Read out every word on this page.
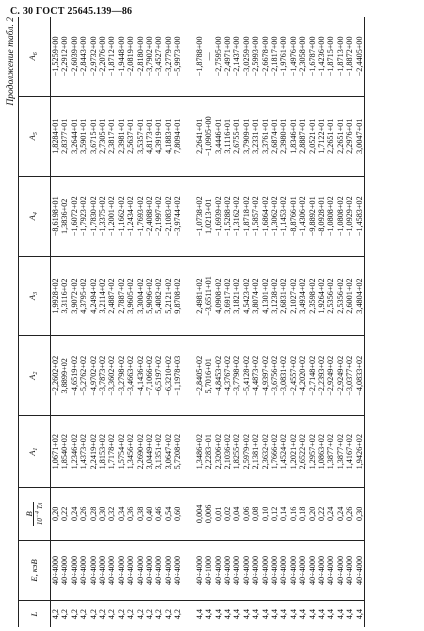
С. 30 ГОСТ 25645.139—86
Продолжение табл. 2
L	E, кэВ	B
10−4 Тл	$A_1$	$A_2$	$A_3$	$A_4$	$A_5$	$A_6$
4,2	40÷4000	0,20	1,0671+02	−2,2602+02	1,9928+02	−8,6198+01	1,8284+01	−1,5259+00
4,2	40÷4000	0,22	1,8540+02	3,8899+02	3,3116+02	1,3836+02	2,8377+01	−2,2912+00
4,2	40÷4000	0,24	1,2346+02	−4,6519+02	3,9072+02	−1,6072+02	3,2644+01	−2,6039+00
4,2	40÷4000	0,26	1,4373+02	−5,2762+02	4,3795+02	−1,7923+02	3,5901+01	−2,8443+00
4,2	40÷4000	0,28	2,2419+02	−4,9702+02	4,2494+02	−1,7830+02	3,6715+01	−2,9732+00
4,2	40÷4000	0,30	1,8153+02	−3,7873+02	3,2114+02	−1,3375+02	2,7305+01	−2,2076+00
4,2	40÷4000	0,32	1,7178+02	−3,3602+02	2,4887+02	−1,2001+02	2,3817+01	−1,8712+00
4,2	40÷4000	0,34	1,5754+02	−3,2798+02	2,7887+02	−1,1662+02	2,3981+01	−1,9448+00
4,2	40÷4000	0,36	1,3456+02	−3,4663+02	3,9605+02	−1,2434+02	2,5637+01	−2,0819+00
4,2	40÷4000	0,38	2,2690+02	−4,1436+02	3,3004+02	−1,7693+02	3,5357+01	−2,8180+00
4,2	40÷4000	0,40	3,0449+02	−7,1066+02	5,9096+02	−2,4088+02	4,8173+01	−3,7902+00
4,2	40÷4000	0,46	3,1351+02	−6,5197+02	5,4082+02	−2,1997+02	4,3919+01	−3,4527+00
4,2	40÷4000	0,54	3,0647+02	−6,3210+02	5,2121+02	−2,1083+02	4,1883+01	−3,2779+00
4,2	40÷4000	0,60	5,7208+02	−1,1978+03	9,8708+02	−3,9744+02	7,8094+01	−5,9973+00

4,4	40÷4000	0,004	1,3486+02	−2,8405+02	2,4981+02	−1,0738+02	2,2641+01	−1,8788+00
4,4	40÷1000	0,006	2,2283−01	5,7016+01	−3,6511+01	1,0213+01	−1,0905+00	—
4,4	40÷4000	0,01	2,3206+02	−4,8453+02	4,0908+02	−1,6939+02	3,4446+01	−2,7595+00
4,4	40÷4000	0,02	2,1036+02	−4,3767+02	3,6917+02	−1,5288+02	3,1116+01	−2,4971+00
4,4	40÷4000	0,04	1,8255+02	−3,7798+02	3,1821+02	−1,3162+02	2,6755+01	−2,1437+00
4,4	40÷4000	0,06	2,5979+02	−5,4128+02	4,5423+02	−1,8718+02	3,7909+01	−3,0259+00
4,4	40÷4000	0,08	2,1381+02	−4,4873+02	3,8074+02	−1,5857+02	3,2331+01	−2,5993+00
4,4	40÷4000	0,10	2,3632+02	−4,9397+02	4,1301+02	−1,6864+02	3,3761+01	−2,6678+00
4,4	40÷4000	0,12	1,7666+02	−3,6756+02	3,1238+02	−1,3062+02	2,6874+01	−2,1817+00
4,4	40÷4000	0,14	1,4524+02	−3,0831+02	2,6831+02	−1,1453+02	2,3980+01	−1,9761+00
4,4	40÷4000	0,16	1,2021+02	−2,4557+02	2,1027+02	−8,8766+01	1,8346+01	−1,4976+00
4,4	40÷4000	0,18	2,6522+02	−4,2020+02	3,4934+02	−1,4306+02	2,8887+01	−2,3058+00
4,4	40÷4000	0,20	1,2957+02	−2,7148+02	2,3598+02	−9,8892+01	2,0521+01	−1,6787+00
4,4	40÷4000	0,22	1,0863+02	−2,2393+02	1,9264+02	−8,0928+01	1,7122+01	−1,4236+00
4,4	40÷4000	0,24	1,3877+02	−2,9249+02	2,5356+02	−1,0808+02	2,2651+01	−1,8715+00
4,4	40÷4000	0,24	1,3877+02	−2,9249+02	2,5356+02	−1,0808+02	2,2651+01	−1,8713+00
4,4	40÷4000	0,26	1,4167+02	−3,0377+02	2,6001+02	−1,0929+02	2,2976+01	−1,8872+00
4,4	40÷4000	0,30	1,9426+02	−4,0833+02	3,4804+02	−1,4583+02	3,0047+01	−2,4405+00
